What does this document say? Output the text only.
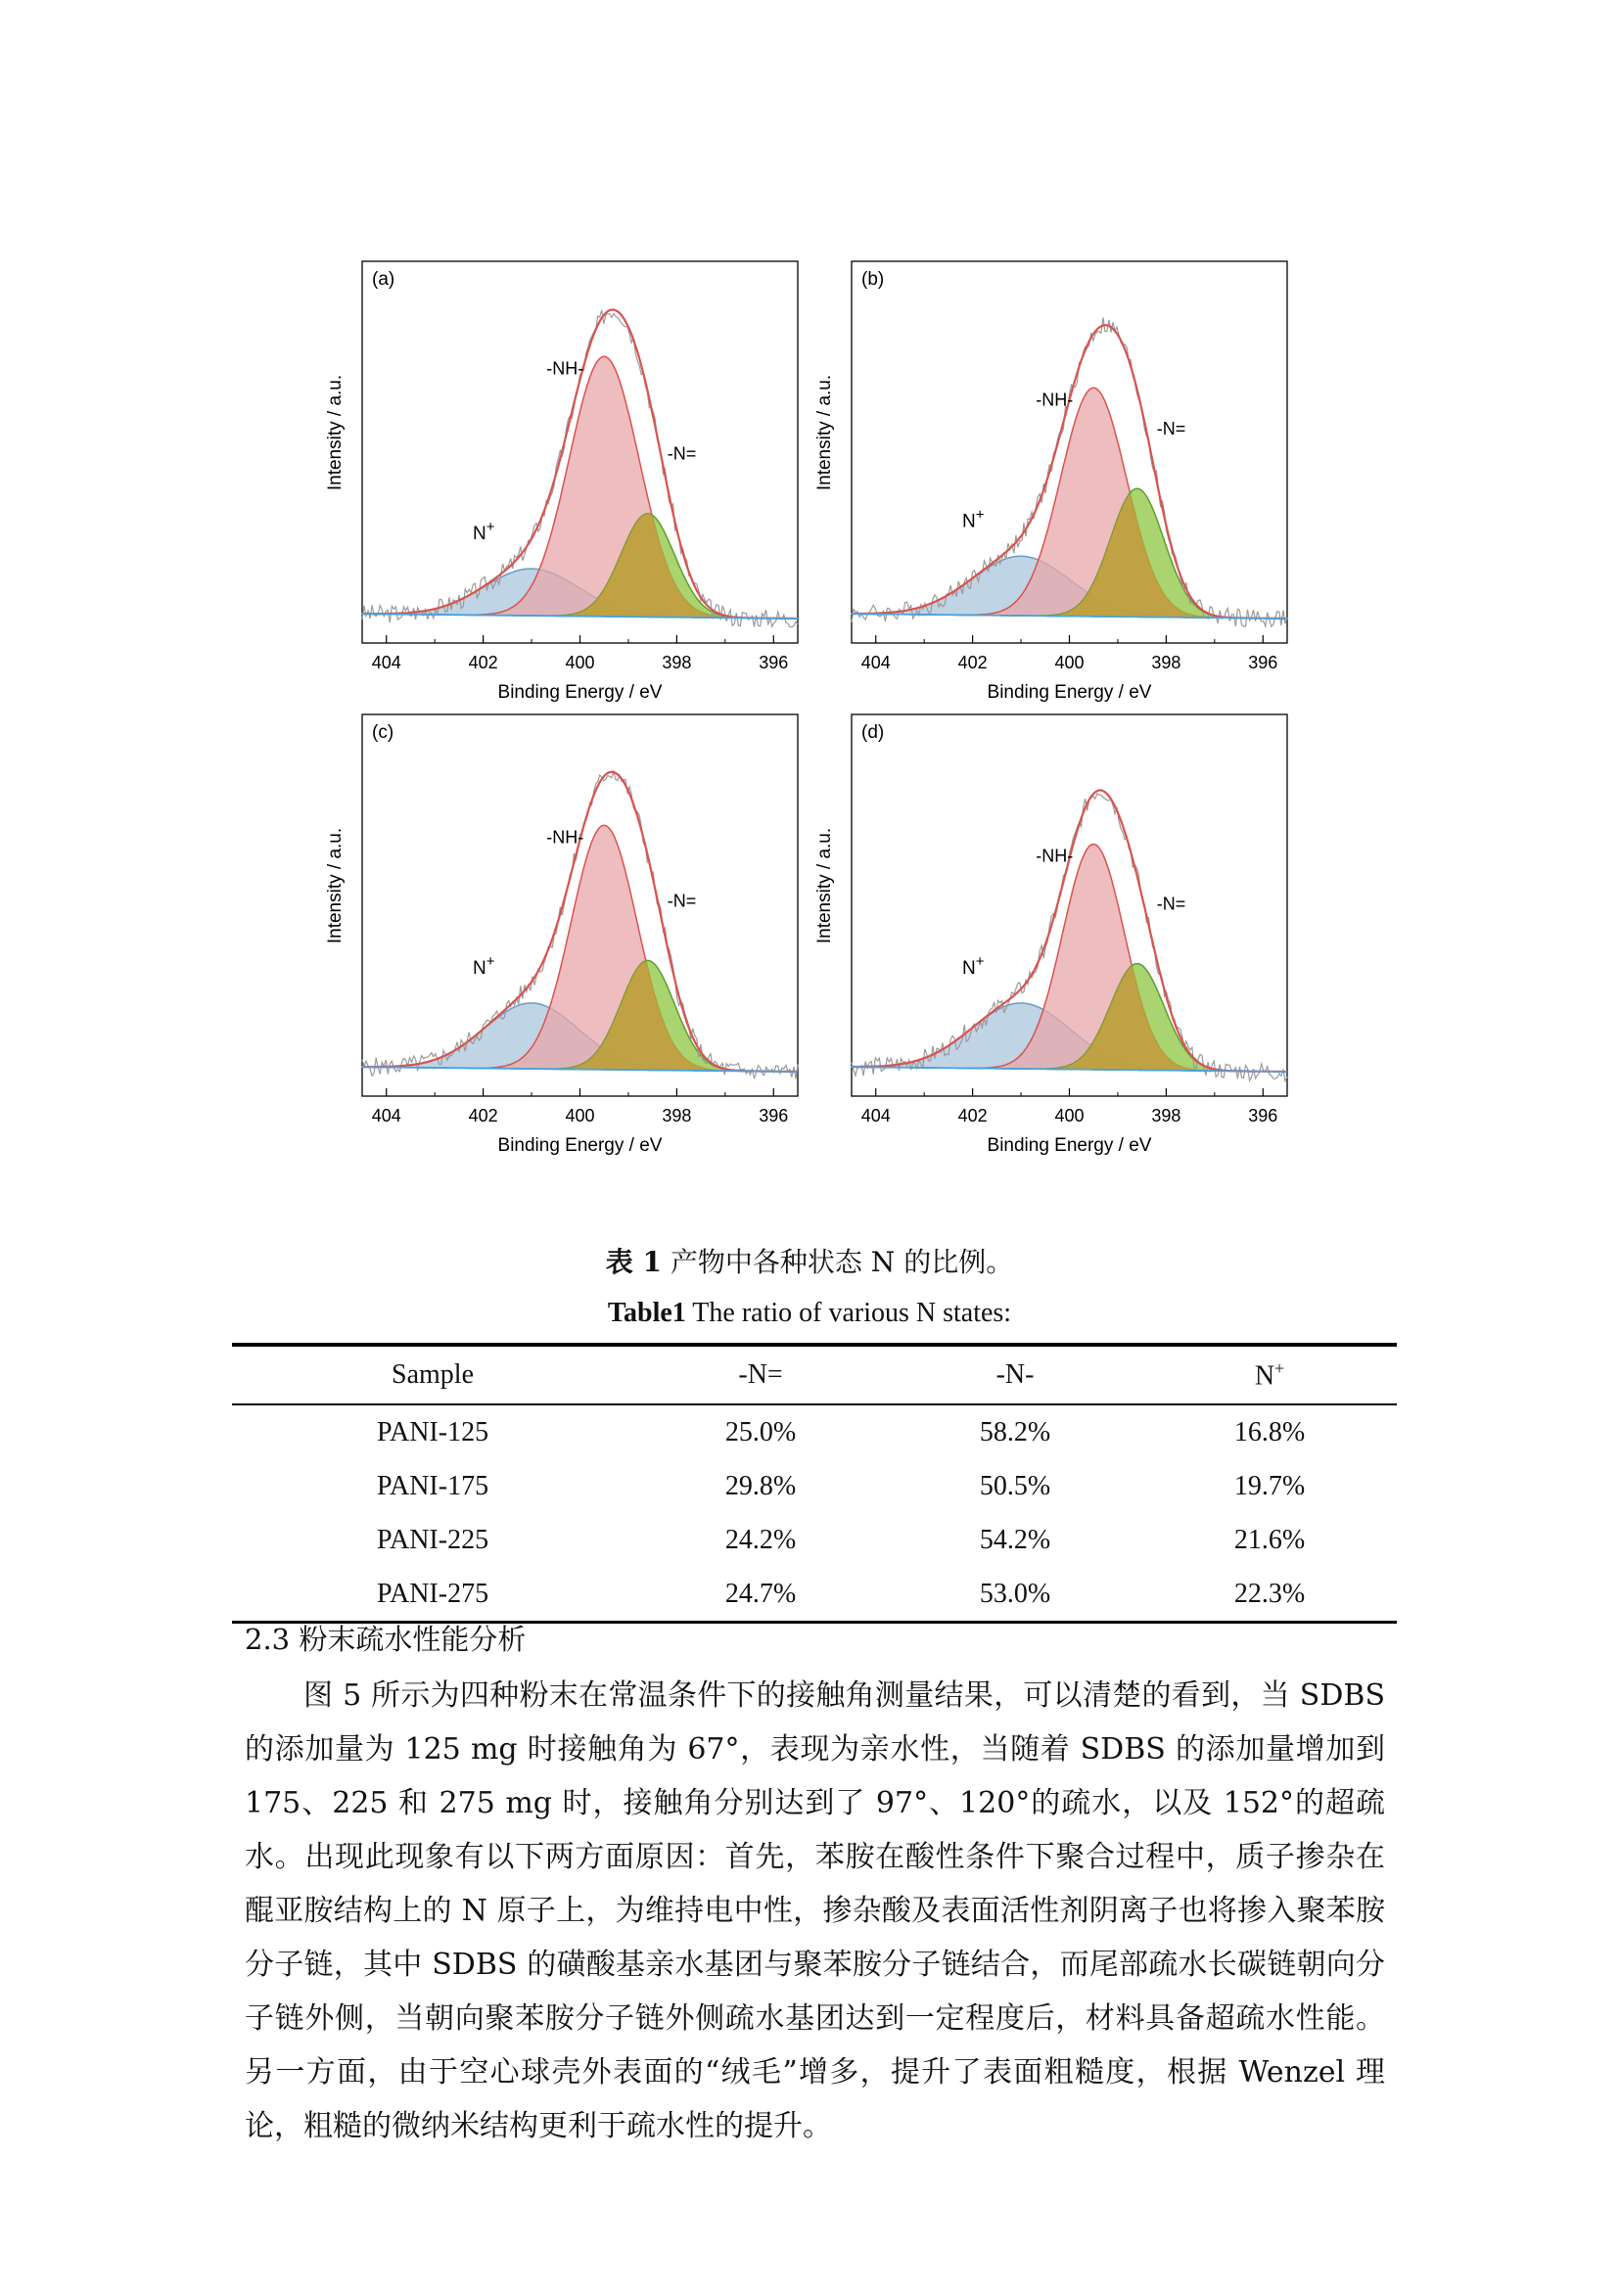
(a)
404	402	400	398	396
Binding Energy / eV
Intensity / a.u.
-NH-
-N=
N+
(b)
404	402	400	398	396
Binding Energy / eV
Intensity / a.u.	-NH-
-N=
N+
(c)
404	402	400	398	396
Binding Energy / eV
Intensity / a.u.	-NH-
-N=
N+
(d)
404	402	400	398	396
Binding Energy / eV
Intensity / a.u.	-NH-
-N=
N+
表 1 产物中各种状态 N 的比例。
Table1 The ratio of various N states:
Sample	-N=	-N-	N+
PANI-125	25.0%	58.2%	16.8%
PANI-175	29.8%	50.5%	19.7%
PANI-225	24.2%	54.2%	21.6%
PANI-275	24.7%	53.0%	22.3%
2.3 粉末疏水性能分析

图 5 所示为四种粉末在常温条件下的接触角测量结果，可以清楚的看到，当 SDBS 的添加量为 125 mg 时接触角为 67°，表现为亲水性，当随着 SDBS 的添加量增加到 175、225 和 275 mg 时，接触角分别达到了 97°、120°的疏水，以及 152°的超疏水。出现此现象有以下两方面原因：首先，苯胺在酸性条件下聚合过程中，质子掺杂在醌亚胺结构上的 N 原子上，为维持电中性，掺杂酸及表面活性剂阴离子也将掺入聚苯胺分子链，其中 SDBS 的磺酸基亲水基团与聚苯胺分子链结合，而尾部疏水长碳链朝向分子链外侧，当朝向聚苯胺分子链外侧疏水基团达到一定程度后，材料具备超疏水性能。另一方面，由于空心球壳外表面的“绒毛”增多，提升了表面粗糙度，根据 Wenzel 理论，粗糙的微纳米结构更利于疏水性的提升。
